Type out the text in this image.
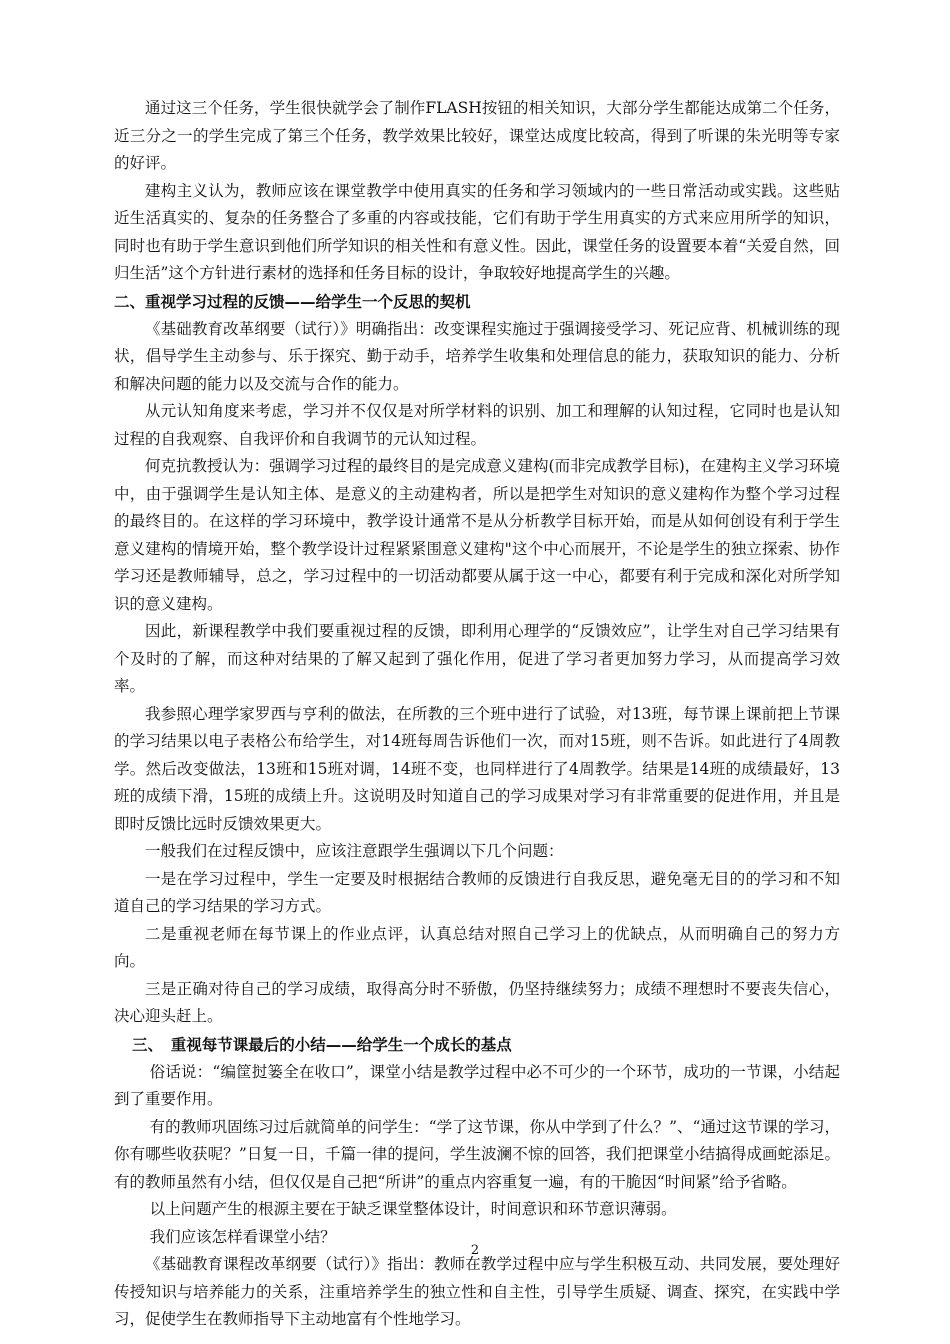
通过这三个任务，学生很快就学会了制作FLASH按钮的相关知识，大部分学生都能达成第二个任务，近三分之一的学生完成了第三个任务，教学效果比较好，课堂达成度比较高，得到了听课的朱光明等专家的好评。

建构主义认为，教师应该在课堂教学中使用真实的任务和学习领域内的一些日常活动或实践。这些贴近生活真实的、复杂的任务整合了多重的内容或技能，它们有助于学生用真实的方式来应用所学的知识，同时也有助于学生意识到他们所学知识的相关性和有意义性。因此，课堂任务的设置要本着“关爱自然，回归生活”这个方针进行素材的选择和任务目标的设计，争取较好地提高学生的兴趣。

二、重视学习过程的反馈——给学生一个反思的契机

《基础教育改革纲要（试行）》明确指出：改变课程实施过于强调接受学习、死记应背、机械训练的现状，倡导学生主动参与、乐于探究、勤于动手，培养学生收集和处理信息的能力，获取知识的能力、分析和解决问题的能力以及交流与合作的能力。

从元认知角度来考虑，学习并不仅仅是对所学材料的识别、加工和理解的认知过程，它同时也是认知过程的自我观察、自我评价和自我调节的元认知过程。

何克抗教授认为：强调学习过程的最终目的是完成意义建构(而非完成教学目标)，在建构主义学习环境中，由于强调学生是认知主体、是意义的主动建构者，所以是把学生对知识的意义建构作为整个学习过程的最终目的。在这样的学习环境中，教学设计通常不是从分析教学目标开始，而是从如何创设有利于学生意义建构的情境开始，整个教学设计过程紧紧围意义建构"这个中心而展开，不论是学生的独立探索、协作学习还是教师辅导，总之，学习过程中的一切活动都要从属于这一中心，都要有利于完成和深化对所学知识的意义建构。

因此，新课程教学中我们要重视过程的反馈，即利用心理学的“反馈效应”，让学生对自己学习结果有个及时的了解，而这种对结果的了解又起到了强化作用，促进了学习者更加努力学习，从而提高学习效率。

我参照心理学家罗西与亨利的做法，在所教的三个班中进行了试验，对13班，每节课上课前把上节课的学习结果以电子表格公布给学生，对14班每周告诉他们一次，而对15班，则不告诉。如此进行了4周教学。然后改变做法，13班和15班对调，14班不变，也同样进行了4周教学。结果是14班的成绩最好，13班的成绩下滑，15班的成绩上升。这说明及时知道自己的学习成果对学习有非常重要的促进作用，并且是即时反馈比远时反馈效果更大。

一般我们在过程反馈中，应该注意跟学生强调以下几个问题：

一是在学习过程中，学生一定要及时根据结合教师的反馈进行自我反思，避免毫无目的的学习和不知道自己的学习结果的学习方式。

二是重视老师在每节课上的作业点评，认真总结对照自己学习上的优缺点，从而明确自己的努力方向。

三是正确对待自己的学习成绩，取得高分时不骄傲，仍坚持继续努力；成绩不理想时不要丧失信心，决心迎头赶上。

三、　重视每节课最后的小结——给学生一个成长的基点

俗话说：“编筐挝篓全在收口”，课堂小结是教学过程中必不可少的一个环节，成功的一节课，小结起到了重要作用。

有的教师巩固练习过后就简单的问学生：“学了这节课，你从中学到了什么？”、“通过这节课的学习，你有哪些收获呢？”日复一日，千篇一律的提问，学生波澜不惊的回答，我们把课堂小结搞得成画蛇添足。有的教师虽然有小结，但仅仅是自己把“所讲”的重点内容重复一遍，有的干脆因“时间紧”给予省略。

以上问题产生的根源主要在于缺乏课堂整体设计，时间意识和环节意识薄弱。

我们应该怎样看课堂小结？

《基础教育课程改革纲要（试行）》指出：教师在教学过程中应与学生积极互动、共同发展，要处理好传授知识与培养能力的关系，注重培养学生的独立性和自主性，引导学生质疑、调查、探究，在实践中学习，促使学生在教师指导下主动地富有个性地学习。

2
